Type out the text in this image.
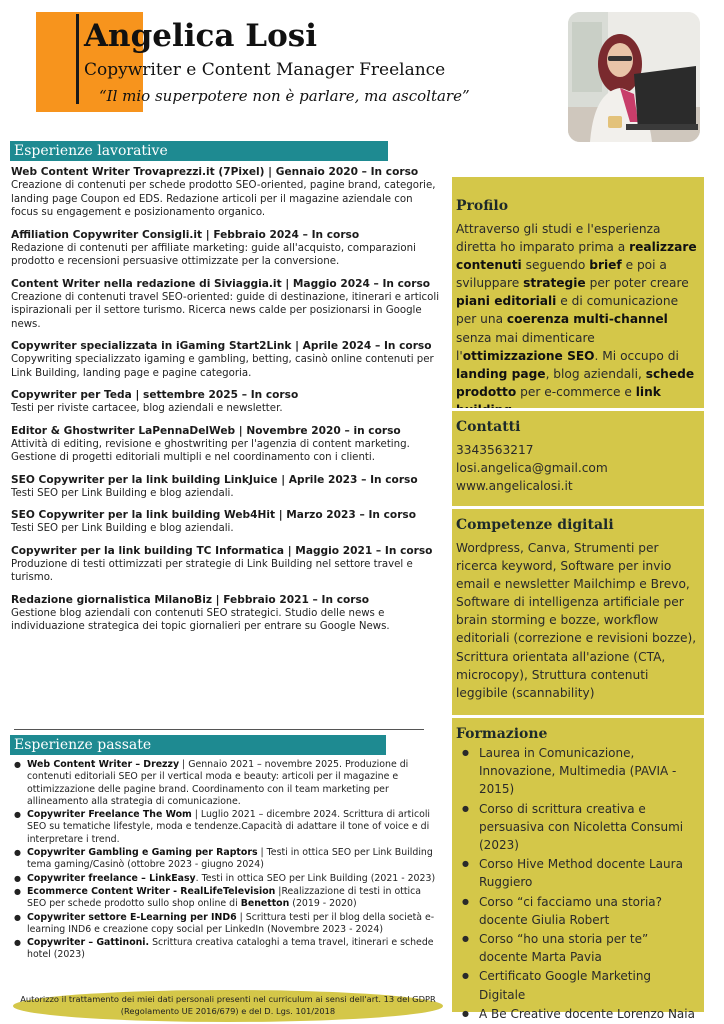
Angelica Losi
Copywriter e Content Manager Freelance
“Il mio superpotere non è parlare, ma ascoltare”
Esperienze lavorative
Web Content Writer Trovaprezzi.it (7Pixel) | Gennaio 2020 – In corso
Creazione di contenuti per schede prodotto SEO-oriented, pagine brand, categorie, landing page Coupon ed EDS. Redazione articoli per il magazine aziendale con focus su engagement e posizionamento organico.
Affiliation Copywriter Consigli.it | Febbraio 2024 – In corso
Redazione di contenuti per affiliate marketing: guide all'acquisto, comparazioni prodotto e recensioni persuasive ottimizzate per la conversione.
Content Writer nella redazione di Siviaggia.it | Maggio 2024 – In corso
Creazione di contenuti travel SEO-oriented: guide di destinazione, itinerari e articoli ispirazionali per il settore turismo. Ricerca news calde per posizionarsi in Google news.
Copywriter specializzata in iGaming Start2Link | Aprile 2024 – In corso
Copywriting specializzato igaming e gambling, betting, casinò online contenuti per Link Building, landing page e pagine categoria.
Copywriter per Teda | settembre 2025 – In corso
Testi per riviste cartacee, blog aziendali e newsletter.
Editor & Ghostwriter LaPennaDelWeb | Novembre 2020 – in corso
Attività di editing, revisione e ghostwriting per l'agenzia di content marketing. Gestione di progetti editoriali multipli e nel coordinamento con i clienti.
SEO Copywriter per la link building LinkJuice | Aprile 2023 – In corso
Testi SEO per Link Building e blog aziendali.
SEO Copywriter per la link building Web4Hit | Marzo 2023 – In corso
Testi SEO per Link Building e blog aziendali.
Copywriter per la link building TC Informatica | Maggio 2021 – In corso
Produzione di testi ottimizzati per strategie di Link Building nel settore travel e turismo.
Redazione giornalistica MilanoBiz | Febbraio 2021 – In corso
Gestione blog aziendali con contenuti SEO strategici. Studio delle news e individuazione strategica dei topic giornalieri per entrare su Google News.
Esperienze passate
● Web Content Writer – Drezzy | Gennaio 2021 – novembre 2025. Produzione di contenuti editoriali SEO per il vertical moda e beauty: articoli per il magazine e ottimizzazione delle pagine brand. Coordinamento con il team marketing per allineamento alla strategia di comunicazione.
● Copywriter Freelance The Wom | Luglio 2021 – dicembre 2024. Scrittura di articoli SEO su tematiche lifestyle, moda e tendenze.Capacità di adattare il tone of voice e di interpretare i trend.
● Copywriter Gambling e Gaming per Raptors | Testi in ottica SEO per Link Building tema gaming/Casinò (ottobre 2023 - giugno 2024)
● Copywriter freelance – LinkEasy. Testi in ottica SEO per Link Building (2021 - 2023)
● Ecommerce Content Writer - RealLifeTelevision |Realizzazione di testi in ottica SEO per schede prodotto sullo shop online di Benetton (2019 - 2020)
● Copywriter settore E-Learning per IND6 | Scrittura testi per il blog della società e-learning IND6 e creazione copy social per LinkedIn (Novembre 2023 - 2024)
● Copywriter – Gattinoni. Scrittura creativa cataloghi a tema travel, itinerari e schede hotel (2023)
Autorizzo il trattamento dei miei dati personali presenti nel curriculum ai sensi dell'art. 13 del GDPR (Regolamento UE 2016/679) e del D. Lgs. 101/2018
Profilo
Attraverso gli studi e l'esperienza diretta ho imparato prima a realizzare contenuti seguendo brief e poi a sviluppare strategie per poter creare piani editoriali e di comunicazione per una coerenza multi-channel senza mai dimenticare l'ottimizzazione SEO. Mi occupo di landing page, blog aziendali, schede prodotto per e-commerce e link
Contatti
3343563217
losi.angelica@gmail.com
www.angelicalosi.it
Competenze digitali
Wordpress, Canva, Strumenti per ricerca keyword, Software per invio email e newsletter Mailchimp e Brevo, Software di intelligenza artificiale per brain storming e bozze, workflow editoriali (correzione e revisioni bozze), Scrittura orientata all'azione (CTA, microcopy), Struttura contenuti leggibile (scannability)
Formazione
● Laurea in Comunicazione, Innovazione, Multimedia (PAVIA - 2015)
● Corso di scrittura creativa e persuasiva con Nicoletta Consumi (2023)
● Corso Hive Method docente Laura Ruggiero
● Corso “ci facciamo una storia? docente Giulia Robert
● Corso “ho una storia per te” docente Marta Pavia
● Certificato Google Marketing Digitale
● A Be Creative docente Lorenzo Naia
